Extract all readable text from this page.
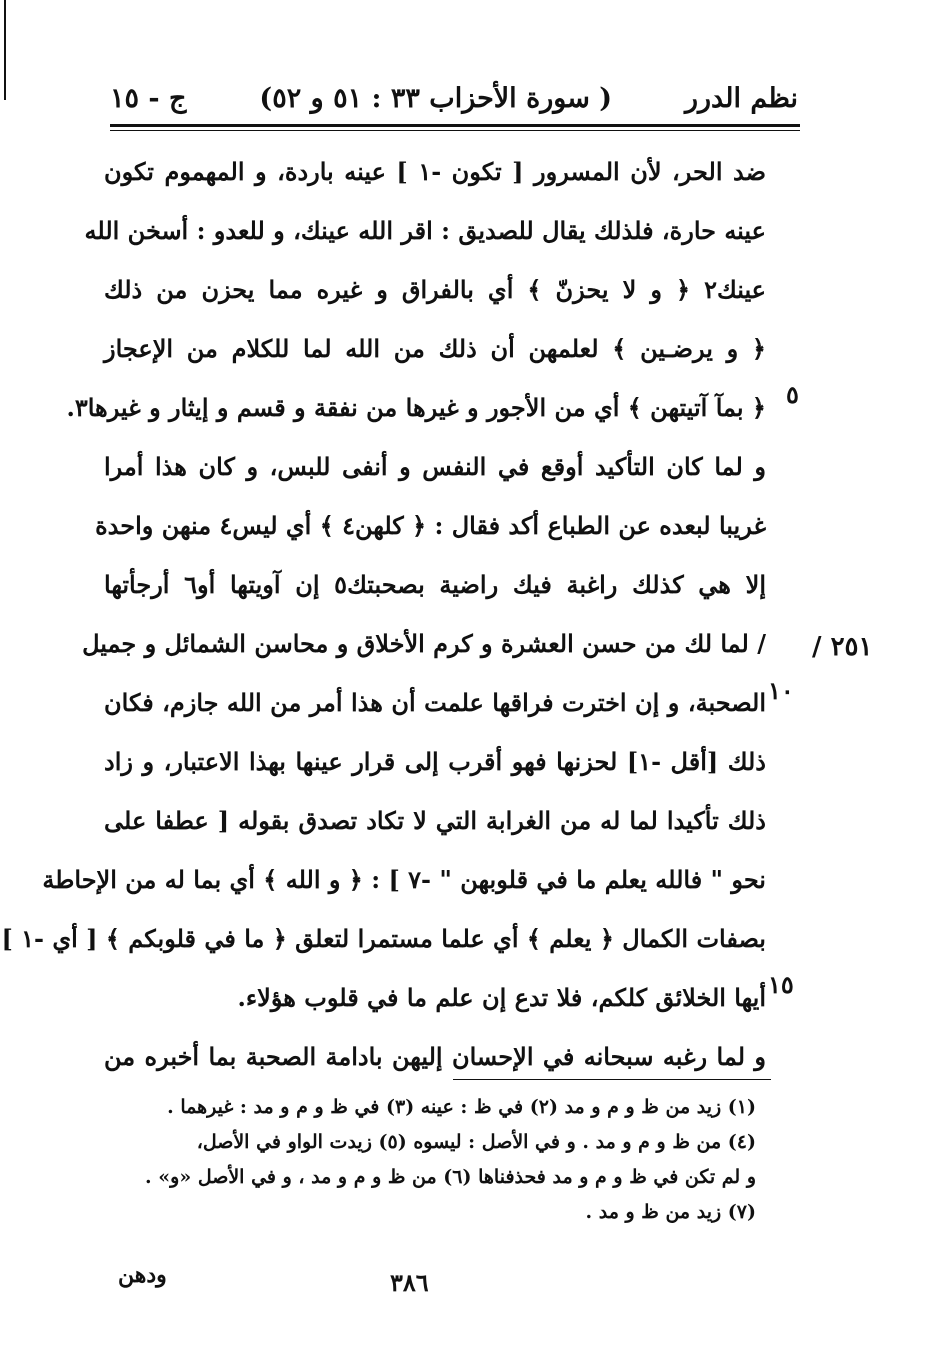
نظم الدرر
( سورة الأحزاب ٣٣ : ٥١ و ٥٢)
ج - ١٥
ضد الحر، لأن المسرور [ تكون -١ ] عينه باردة، و المهموم تكون
عينه حارة، فلذلك يقال للصديق : اقر الله عينك، و للعدو : أسخن الله
عينك٢ ﴿ و لا يحزنّ ﴾ أي بالفراق و غيره مما يحزن من ذلك
﴿ و يرضـين ﴾ لعلمهن أن ذلك من الله لما للكلام من الإعجاز
﴿ بمآ آتيتهن ﴾ أي من الأجور و غيرها من نفقة و قسم و إيثار و غيرها٣.
و لما كان التأكيد أوقع في النفس و أنفى للبس، و كان هذا أمرا
غريبا لبعده عن الطباع أكد فقال : ﴿ كلهن٤ ﴾ أي ليس٤ منهن واحدة
إلا هي كذلك راغبة فيك راضية بصحبتك٥ إن آويتها أو٦ أرجأتها
/ لما لك من حسن العشرة و كرم الأخلاق و محاسن الشمائل و جميل
الصحبة، و إن اخترت فراقها علمت أن هذا أمر من الله جازم، فكان
ذلك [أقل -١] لحزنها فهو أقرب إلى قرار عينها بهذا الاعتبار، و زاد
ذلك تأكيدا لما له من الغرابة التي لا تكاد تصدق بقوله [ عطفا على
نحو " فالله يعلم ما في قلوبهن " -٧ ] : ﴿ و الله ﴾ أي بما له من الإحاطة
بصفات الكمال ﴿ يعلم ﴾ أي علما مستمرا لتعلق ﴿ ما في قلوبكم ﴾ [ أي -١ ]
أيها الخلائق كلكم، فلا تدع إن علم ما في قلوب هؤلاء.
و لما رغبه سبحانه في الإحسان إليهن بادامة الصحبة بما أخبره من
٥
١٠
١٥
٢٥١ /
(١) زيد من ظ و م و مد (٢) في ظ : عينه (٣) في ظ و م و مد : غيرهما .
(٤) من ظ و م و مد . و في الأصل : ليسوه (٥) زيدت الواو في الأصل،
و لم تكن في ظ و م و مد فحذفناها (٦) من ظ و م و مد ، و في الأصل «و» .
(٧) زيد من ظ و مد .
ودهن	٣٨٦
